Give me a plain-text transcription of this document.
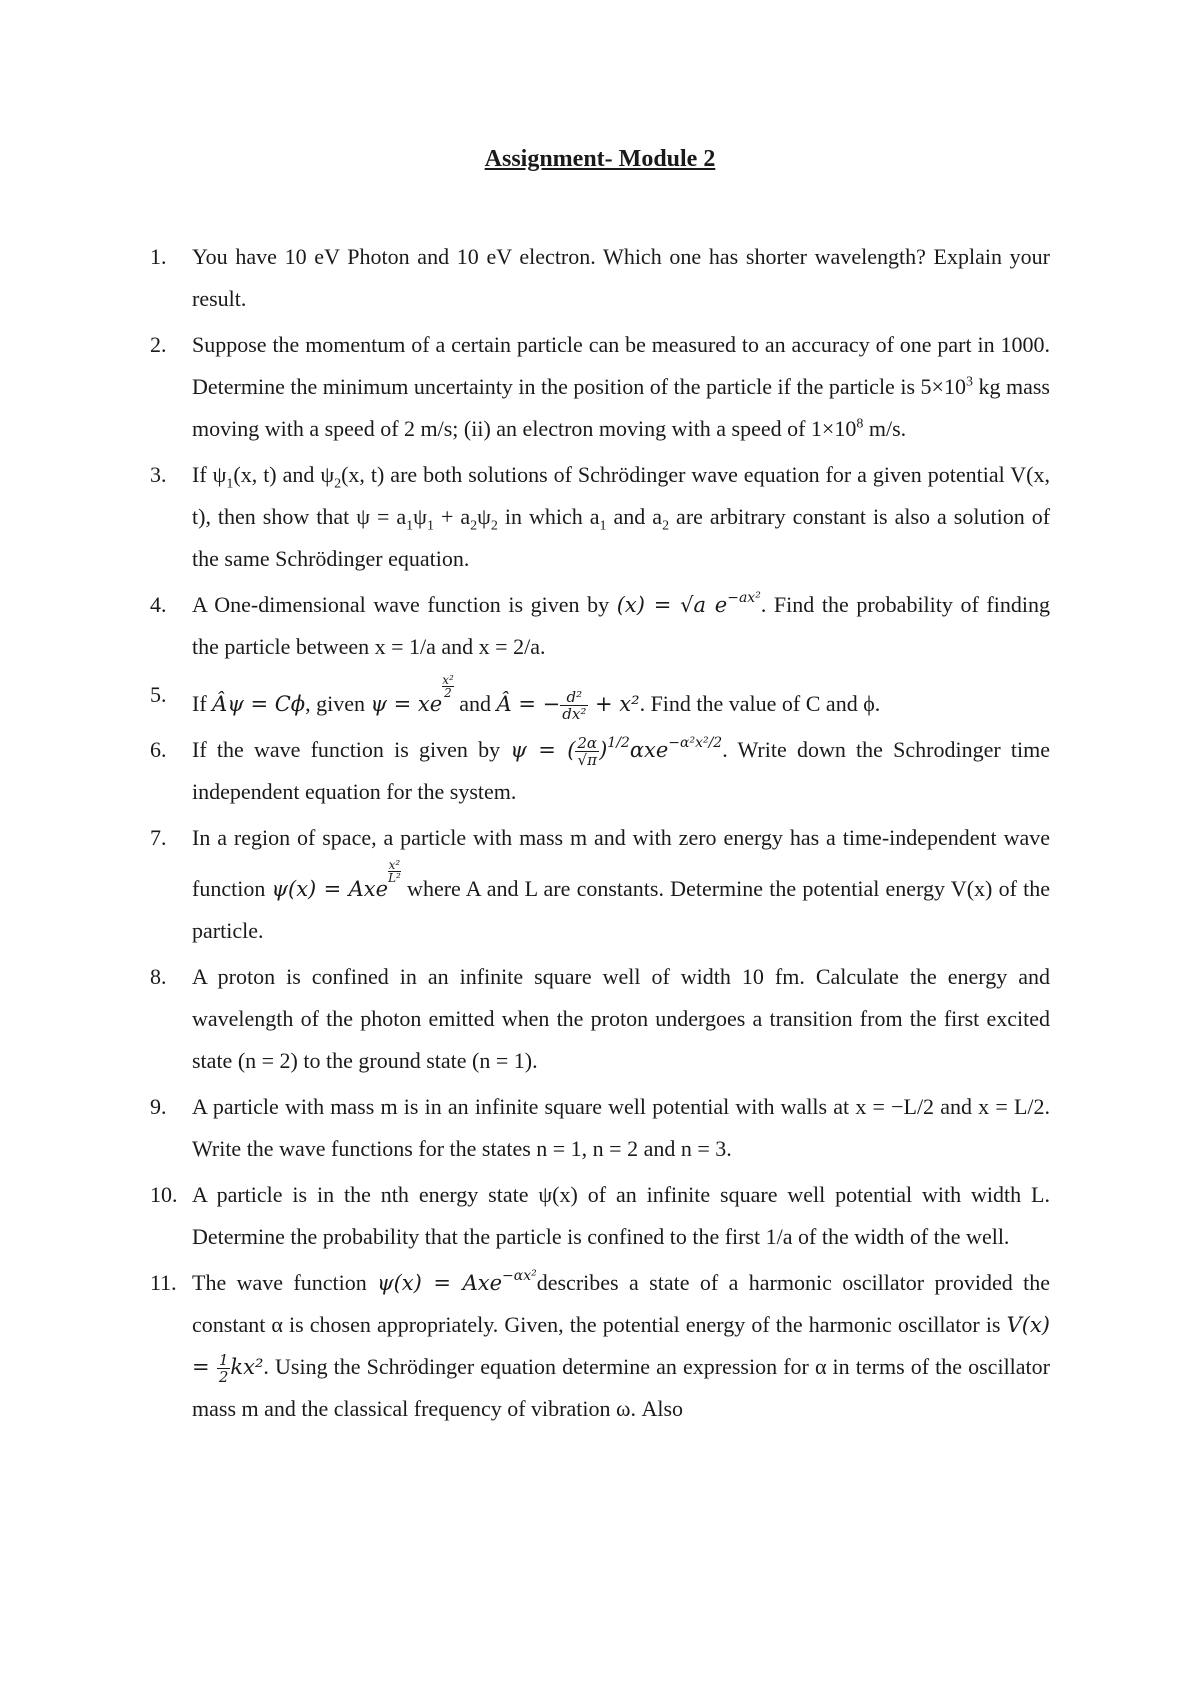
Assignment- Module 2
1. You have 10 eV Photon and 10 eV electron. Which one has shorter wavelength? Explain your result.
2. Suppose the momentum of a certain particle can be measured to an accuracy of one part in 1000. Determine the minimum uncertainty in the position of the particle if the particle is $5\times 10^3$ kg mass moving with a speed of 2 m/s; (ii) an electron moving with a speed of $1\times 10^8$ m/s.
3. If $\psi_1(x$, t) and $\psi_2(x$, t) are both solutions of Schrödinger wave equation for a given potential V(x, t), then show that $\psi = a_1\psi_1 + a_2\psi_2$ in which $a_1$ and $a_2$ are arbitrary constant is also a solution of the same Schrödinger equation.
4. A One-dimensional wave function is given by (x) = √a $e^{-ax^2}$. Find the probability of finding the particle between x = 1/a and x = 2/a.
5. If Âψ = Cϕ, given ψ = xe
$\frac{\text{x²}}{2}$
and Â = − $\frac{\text{d²}}{\text{dx²}} + x^2$. Find the value of C and ϕ.
6. If the wave function is given by ψ = ( $\frac{2\alpha}{√\pi} )^{1/2}\alpha xe^{-\alpha^2x^2/2}$. Write down the Schrodinger time independent equation for the system.
7. In a region of space, a particle with mass m and with zero energy has a time-independent wave function ψ(x) = Axe
$\frac{\text{x²}}{\text{L²}}$
where A and L are constants. Determine the potential energy V(x) of the particle.
8. A proton is confined in an infinite square well of width 10 fm. Calculate the energy and wavelength of the photon emitted when the proton undergoes a transition from the first excited state (n = 2) to the ground state (n = 1).
9. A particle with mass m is in an infinite square well potential with walls at x = −L/2 and x = L/2. Write the wave functions for the states n = 1, n = 2 and n = 3.
10. A particle is in the nth energy state ψ(x) of an infinite square well potential with width L. Determine the probability that the particle is confined to the first 1/a of the width of the well.
11. The wave function ψ(x) = Axe$^{-\alpha x^2}$describes a state of a harmonic oscillator provided the constant α is chosen appropriately. Given, the potential energy of the harmonic oscillator is $V(x) = \frac{1}{2} kx^2$. Using the Schrödinger equation determine an expression for α in terms of the oscillator mass m and the classical frequency of vibration ω. Also
